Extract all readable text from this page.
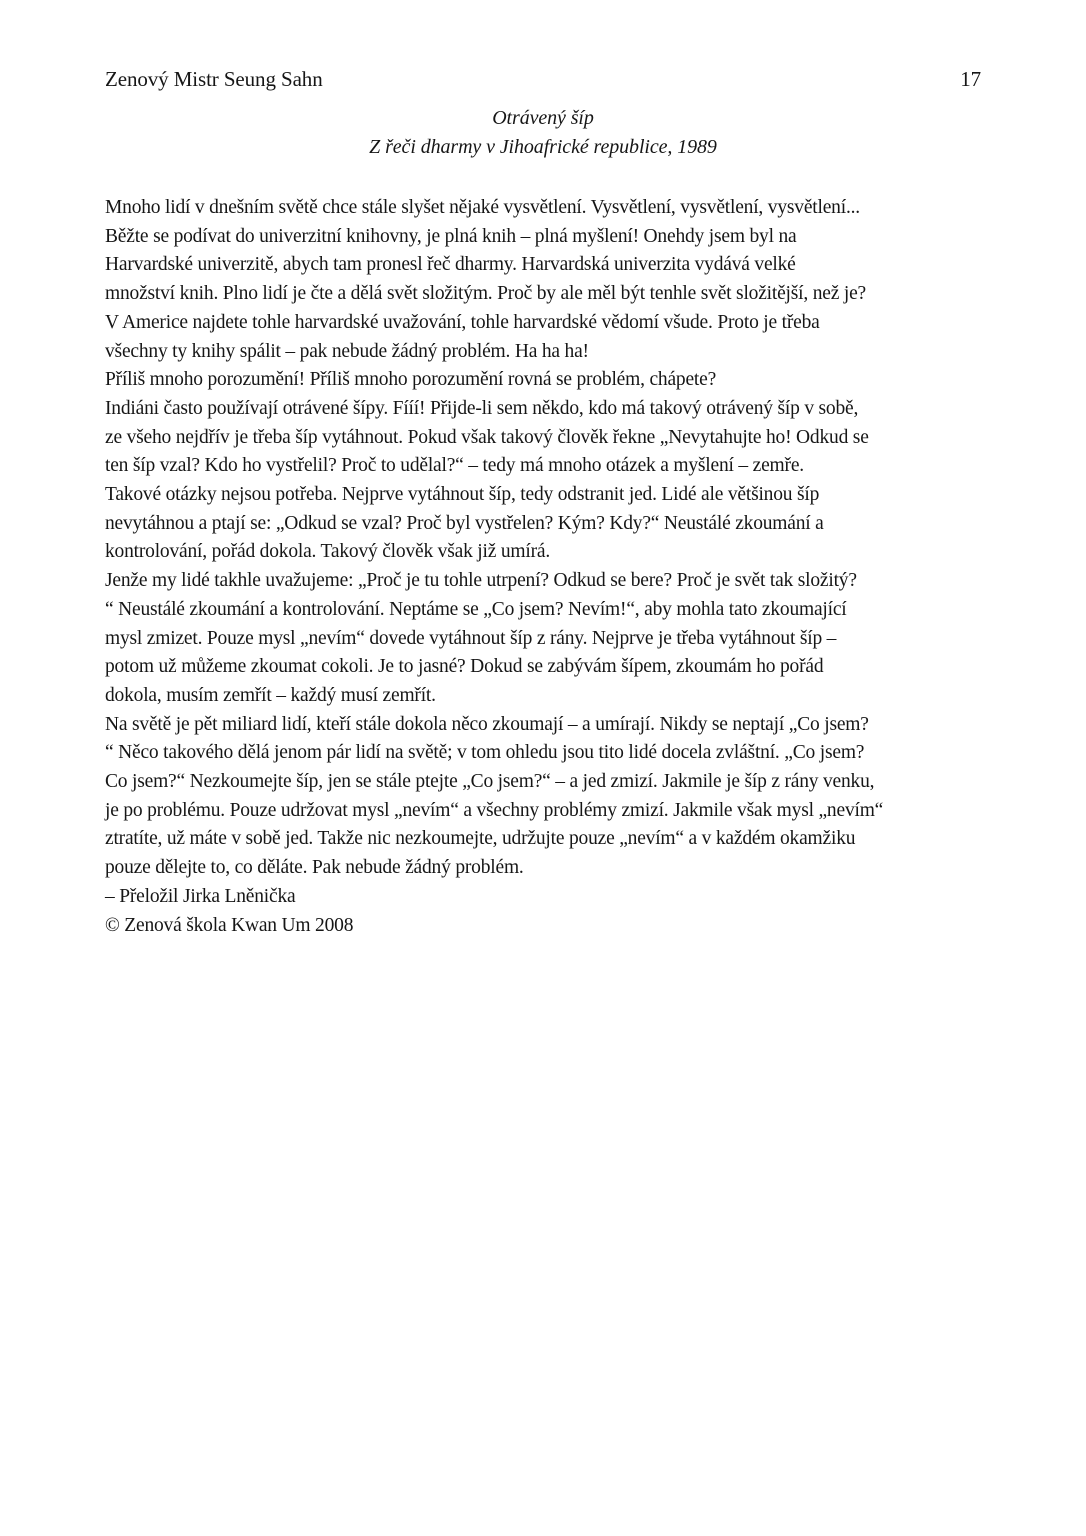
Zenový Mistr Seung Sahn	17
Otrávený šíp
Z řeči dharmy v Jihoafrické republice, 1989
Mnoho lidí v dnešním světě chce stále slyšet nějaké vysvětlení. Vysvětlení, vysvětlení, vysvětlení...
Běžte se podívat do univerzitní knihovny, je plná knih – plná myšlení! Onehdy jsem byl na
Harvardské univerzitě, abych tam pronesl řeč dharmy. Harvardská univerzita vydává velké
množství knih. Plno lidí je čte a dělá svět složitým. Proč by ale měl být tenhle svět složitější, než je?
V Americe najdete tohle harvardské uvažování, tohle harvardské vědomí všude. Proto je třeba
všechny ty knihy spálit – pak nebude žádný problém. Ha ha ha!
Příliš mnoho porozumění! Příliš mnoho porozumění rovná se problém, chápete?
Indiáni často používají otrávené šípy. Fííí! Přijde-li sem někdo, kdo má takový otrávený šíp v sobě,
ze všeho nejdřív je třeba šíp vytáhnout. Pokud však takový člověk řekne „Nevytahujte ho! Odkud se
ten šíp vzal? Kdo ho vystřelil? Proč to udělal?“ – tedy má mnoho otázek a myšlení – zemře.
Takové otázky nejsou potřeba. Nejprve vytáhnout šíp, tedy odstranit jed. Lidé ale většinou šíp
nevytáhnou a ptají se: „Odkud se vzal? Proč byl vystřelen? Kým? Kdy?“ Neustálé zkoumání a
kontrolování, pořád dokola. Takový člověk však již umírá.
Jenže my lidé takhle uvažujeme: „Proč je tu tohle utrpení? Odkud se bere? Proč je svět tak složitý?
“ Neustálé zkoumání a kontrolování. Neptáme se „Co jsem? Nevím!“, aby mohla tato zkoumající
mysl zmizet. Pouze mysl „nevím“ dovede vytáhnout šíp z rány. Nejprve je třeba vytáhnout šíp –
potom už můžeme zkoumat cokoli. Je to jasné? Dokud se zabývám šípem, zkoumám ho pořád
dokola, musím zemřít – každý musí zemřít.
Na světě je pět miliard lidí, kteří stále dokola něco zkoumají – a umírají. Nikdy se neptají „Co jsem?
“ Něco takového dělá jenom pár lidí na světě; v tom ohledu jsou tito lidé docela zvláštní. „Co jsem?
Co jsem?“ Nezkoumejte šíp, jen se stále ptejte „Co jsem?“ – a jed zmizí. Jakmile je šíp z rány venku,
je po problému. Pouze udržovat mysl „nevím“ a všechny problémy zmizí. Jakmile však mysl „nevím“
ztratíte, už máte v sobě jed. Takže nic nezkoumejte, udržujte pouze „nevím“ a v každém okamžiku
pouze dělejte to, co děláte. Pak nebude žádný problém.
– Přeložil Jirka Lněnička
© Zenová škola Kwan Um 2008
